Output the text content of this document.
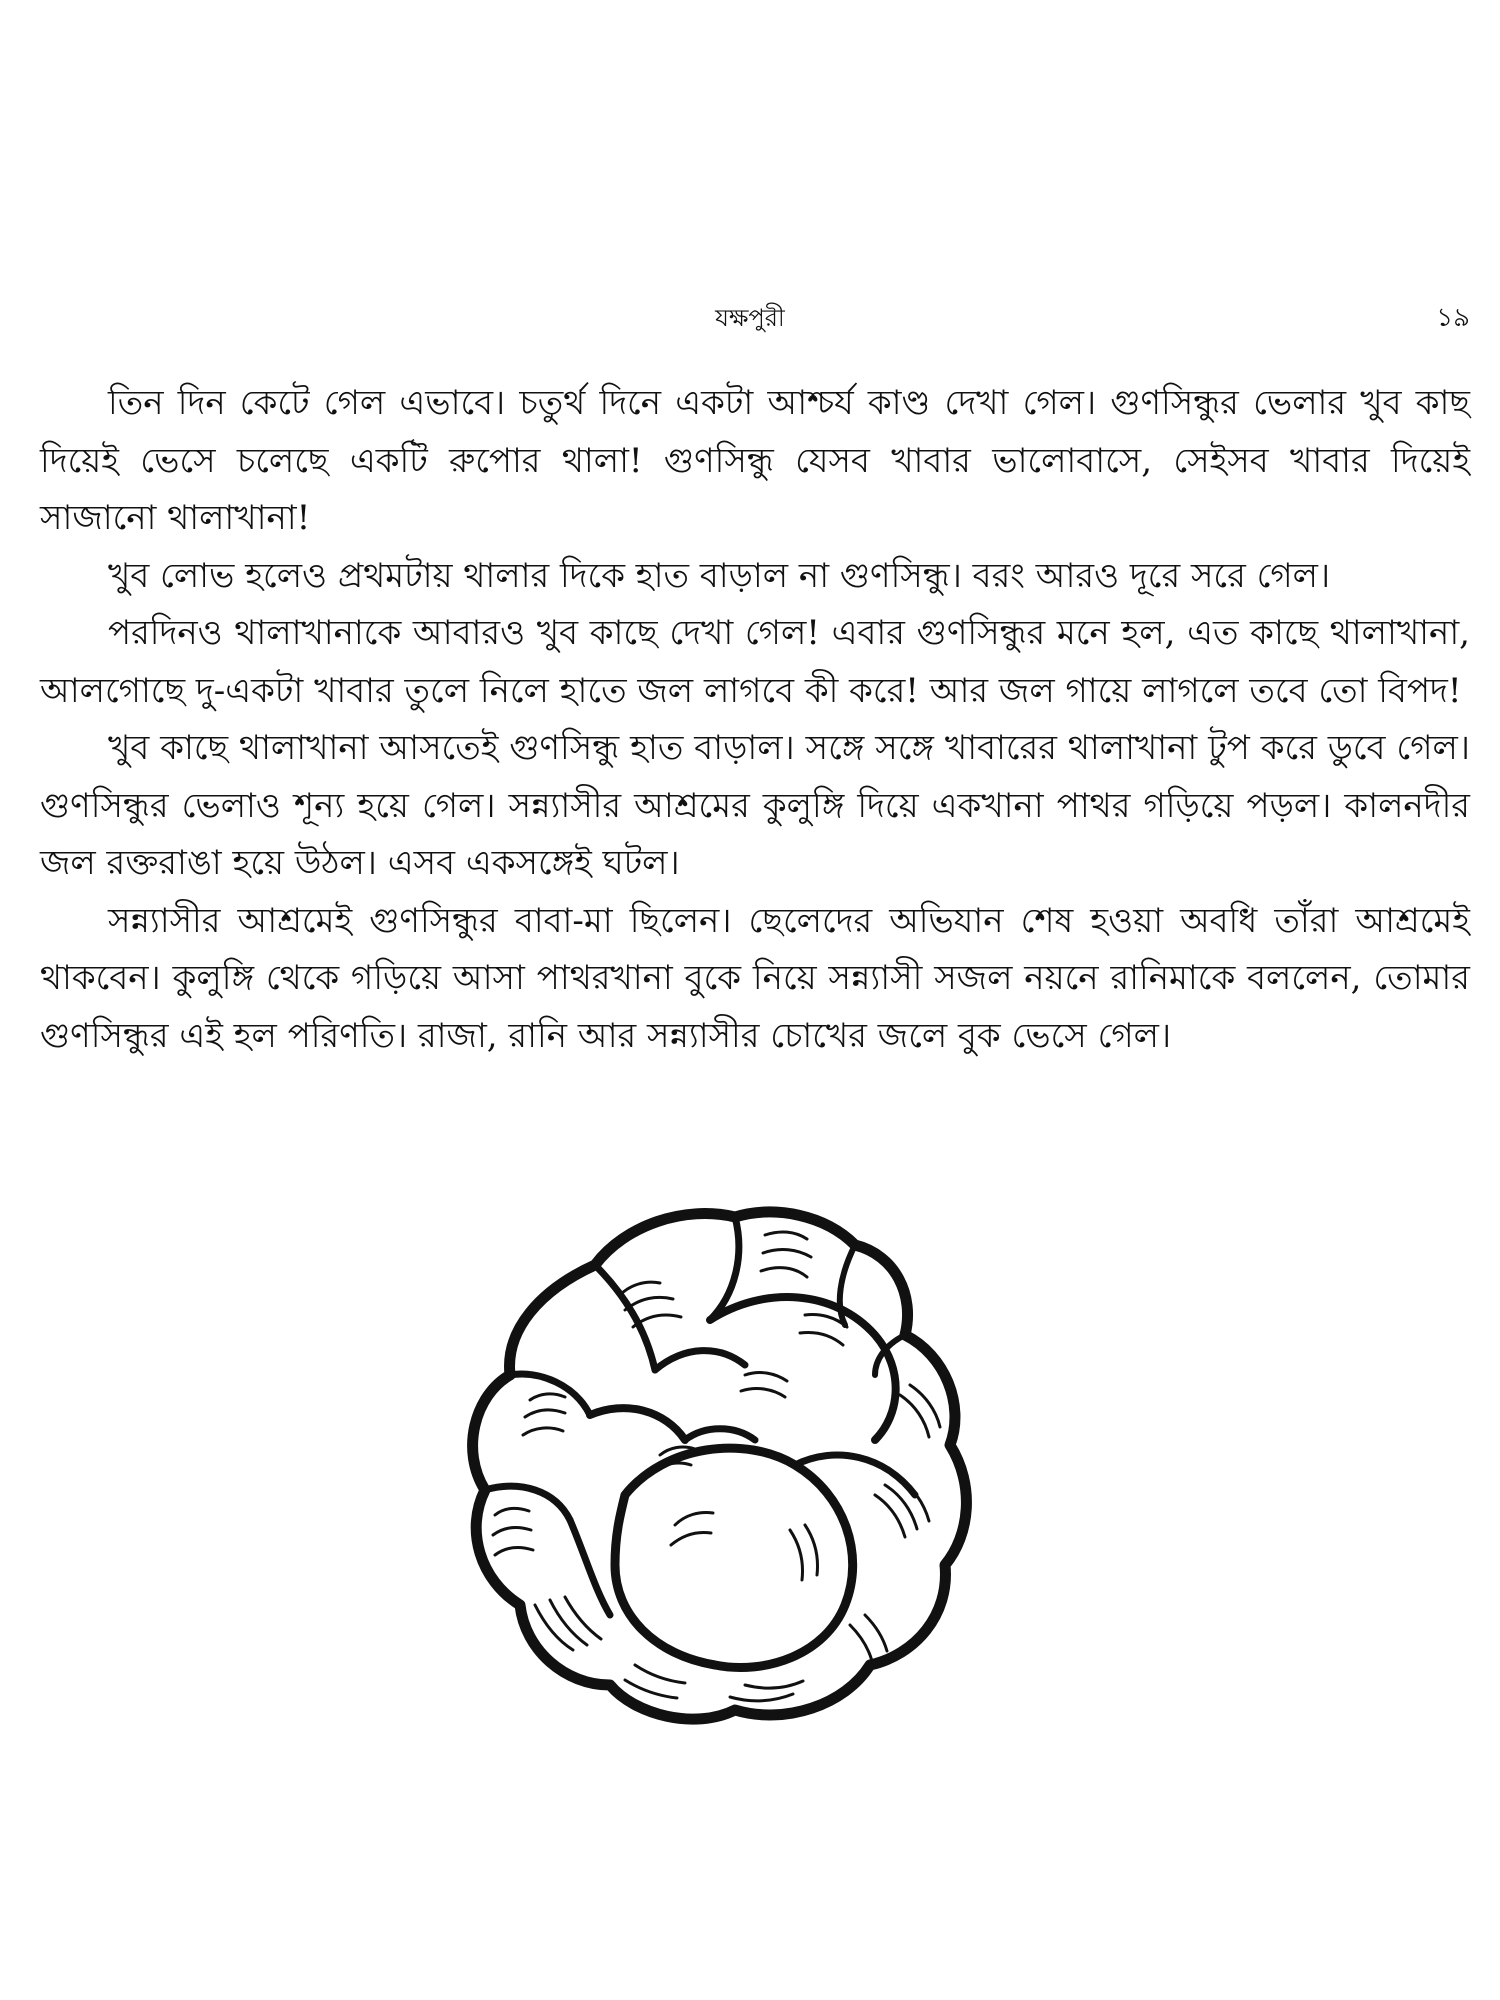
যক্ষপুরী	১৯

তিন দিন কেটে গেল এভাবে। চতুর্থ দিনে একটা আশ্চর্য কাণ্ড দেখা গেল। গুণসিন্ধুর ভেলার খুব কাছ দিয়েই ভেসে চলেছে একটি রুপোর থালা! গুণসিন্ধু যেসব খাবার ভালোবাসে, সেইসব খাবার দিয়েই সাজানো থালাখানা!

খুব লোভ হলেও প্রথমটায় থালার দিকে হাত বাড়াল না গুণসিন্ধু। বরং আরও দূরে সরে গেল।

পরদিনও থালাখানাকে আবারও খুব কাছে দেখা গেল! এবার গুণসিন্ধুর মনে হল, এত কাছে থালাখানা, আলগোছে দু-একটা খাবার তুলে নিলে হাতে জল লাগবে কী করে! আর জল গায়ে লাগলে তবে তো বিপদ!

খুব কাছে থালাখানা আসতেই গুণসিন্ধু হাত বাড়াল। সঙ্গে সঙ্গে খাবারের থালাখানা টুপ করে ডুবে গেল। গুণসিন্ধুর ভেলাও শূন্য হয়ে গেল। সন্ন্যাসীর আশ্রমের কুলুঙ্গি দিয়ে একখানা পাথর গড়িয়ে পড়ল। কালনদীর জল রক্তরাঙা হয়ে উঠল। এসব একসঙ্গেই ঘটল।

সন্ন্যাসীর আশ্রমেই গুণসিন্ধুর বাবা-মা ছিলেন। ছেলেদের অভিযান শেষ হওয়া অবধি তাঁরা আশ্রমেই থাকবেন। কুলুঙ্গি থেকে গড়িয়ে আসা পাথরখানা বুকে নিয়ে সন্ন্যাসী সজল নয়নে রানিমাকে বললেন, তোমার গুণসিন্ধুর এই হল পরিণতি। রাজা, রানি আর সন্ন্যাসীর চোখের জলে বুক ভেসে গেল।
